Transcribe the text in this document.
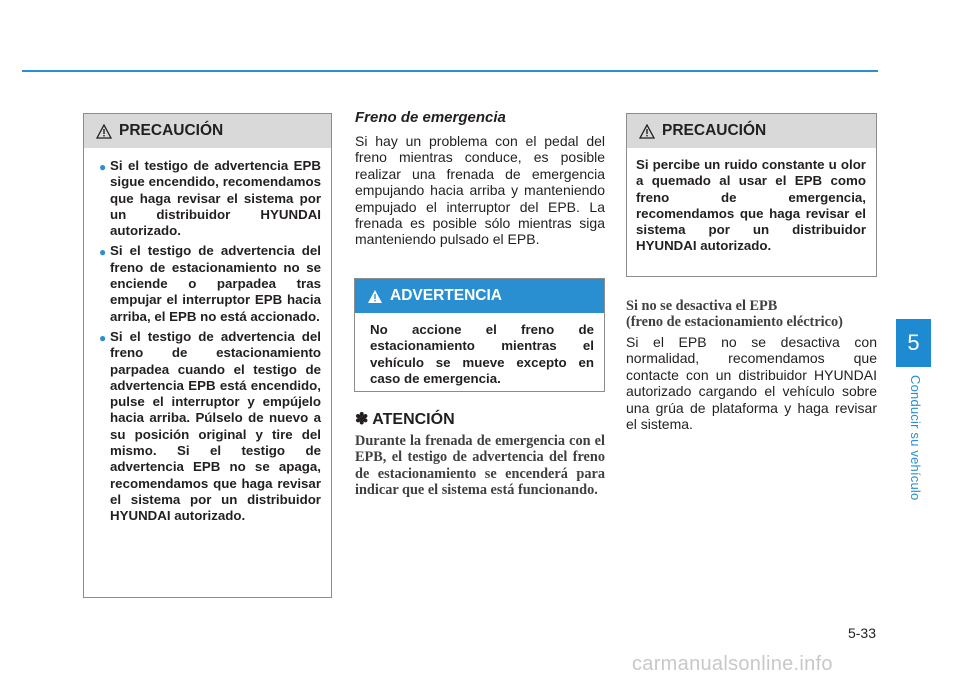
5
Conducir su vehículo
PRECAUCIÓN
● Si el testigo de advertencia EPB sigue encendido, recomendamos que haga revisar el sistema por un distribuidor HYUNDAI autorizado.
● Si el testigo de advertencia del freno de estacionamiento no se enciende o parpadea tras empujar el interruptor EPB hacia arriba, el EPB no está accionado.
● Si el testigo de advertencia del freno de estacionamiento parpadea cuando el testigo de advertencia EPB está encendido, pulse el interruptor y empújelo hacia arriba. Púlselo de nuevo a su posición original y tire del mismo. Si el testigo de advertencia EPB no se apaga, recomendamos que haga revisar el sistema por un distribuidor HYUNDAI autorizado.
Freno de emergencia
Si hay un problema con el pedal del freno mientras conduce, es posible realizar una frenada de emergencia empujando hacia arriba y manteniendo empujado el interruptor del EPB. La frenada es posible sólo mientras siga manteniendo pulsado el EPB.
ADVERTENCIA
No accione el freno de estacionamiento mientras el vehículo se mueve excepto en caso de emergencia.
✽ ATENCIÓN
Durante la frenada de emergencia con el EPB, el testigo de advertencia del freno de estacionamiento se encenderá para indicar que el sistema está funcionando.
PRECAUCIÓN
Si percibe un ruido constante u olor a quemado al usar el EPB como freno de emergencia, recomendamos que haga revisar el sistema por un distribuidor HYUNDAI autorizado.
Si no se desactiva el EPB
(freno de estacionamiento eléctrico)
Si el EPB no se desactiva con normalidad, recomendamos que contacte con un distribuidor HYUNDAI autorizado cargando el vehículo sobre una grúa de plataforma y haga revisar el sistema.
5-33
carmanualsonline.info
